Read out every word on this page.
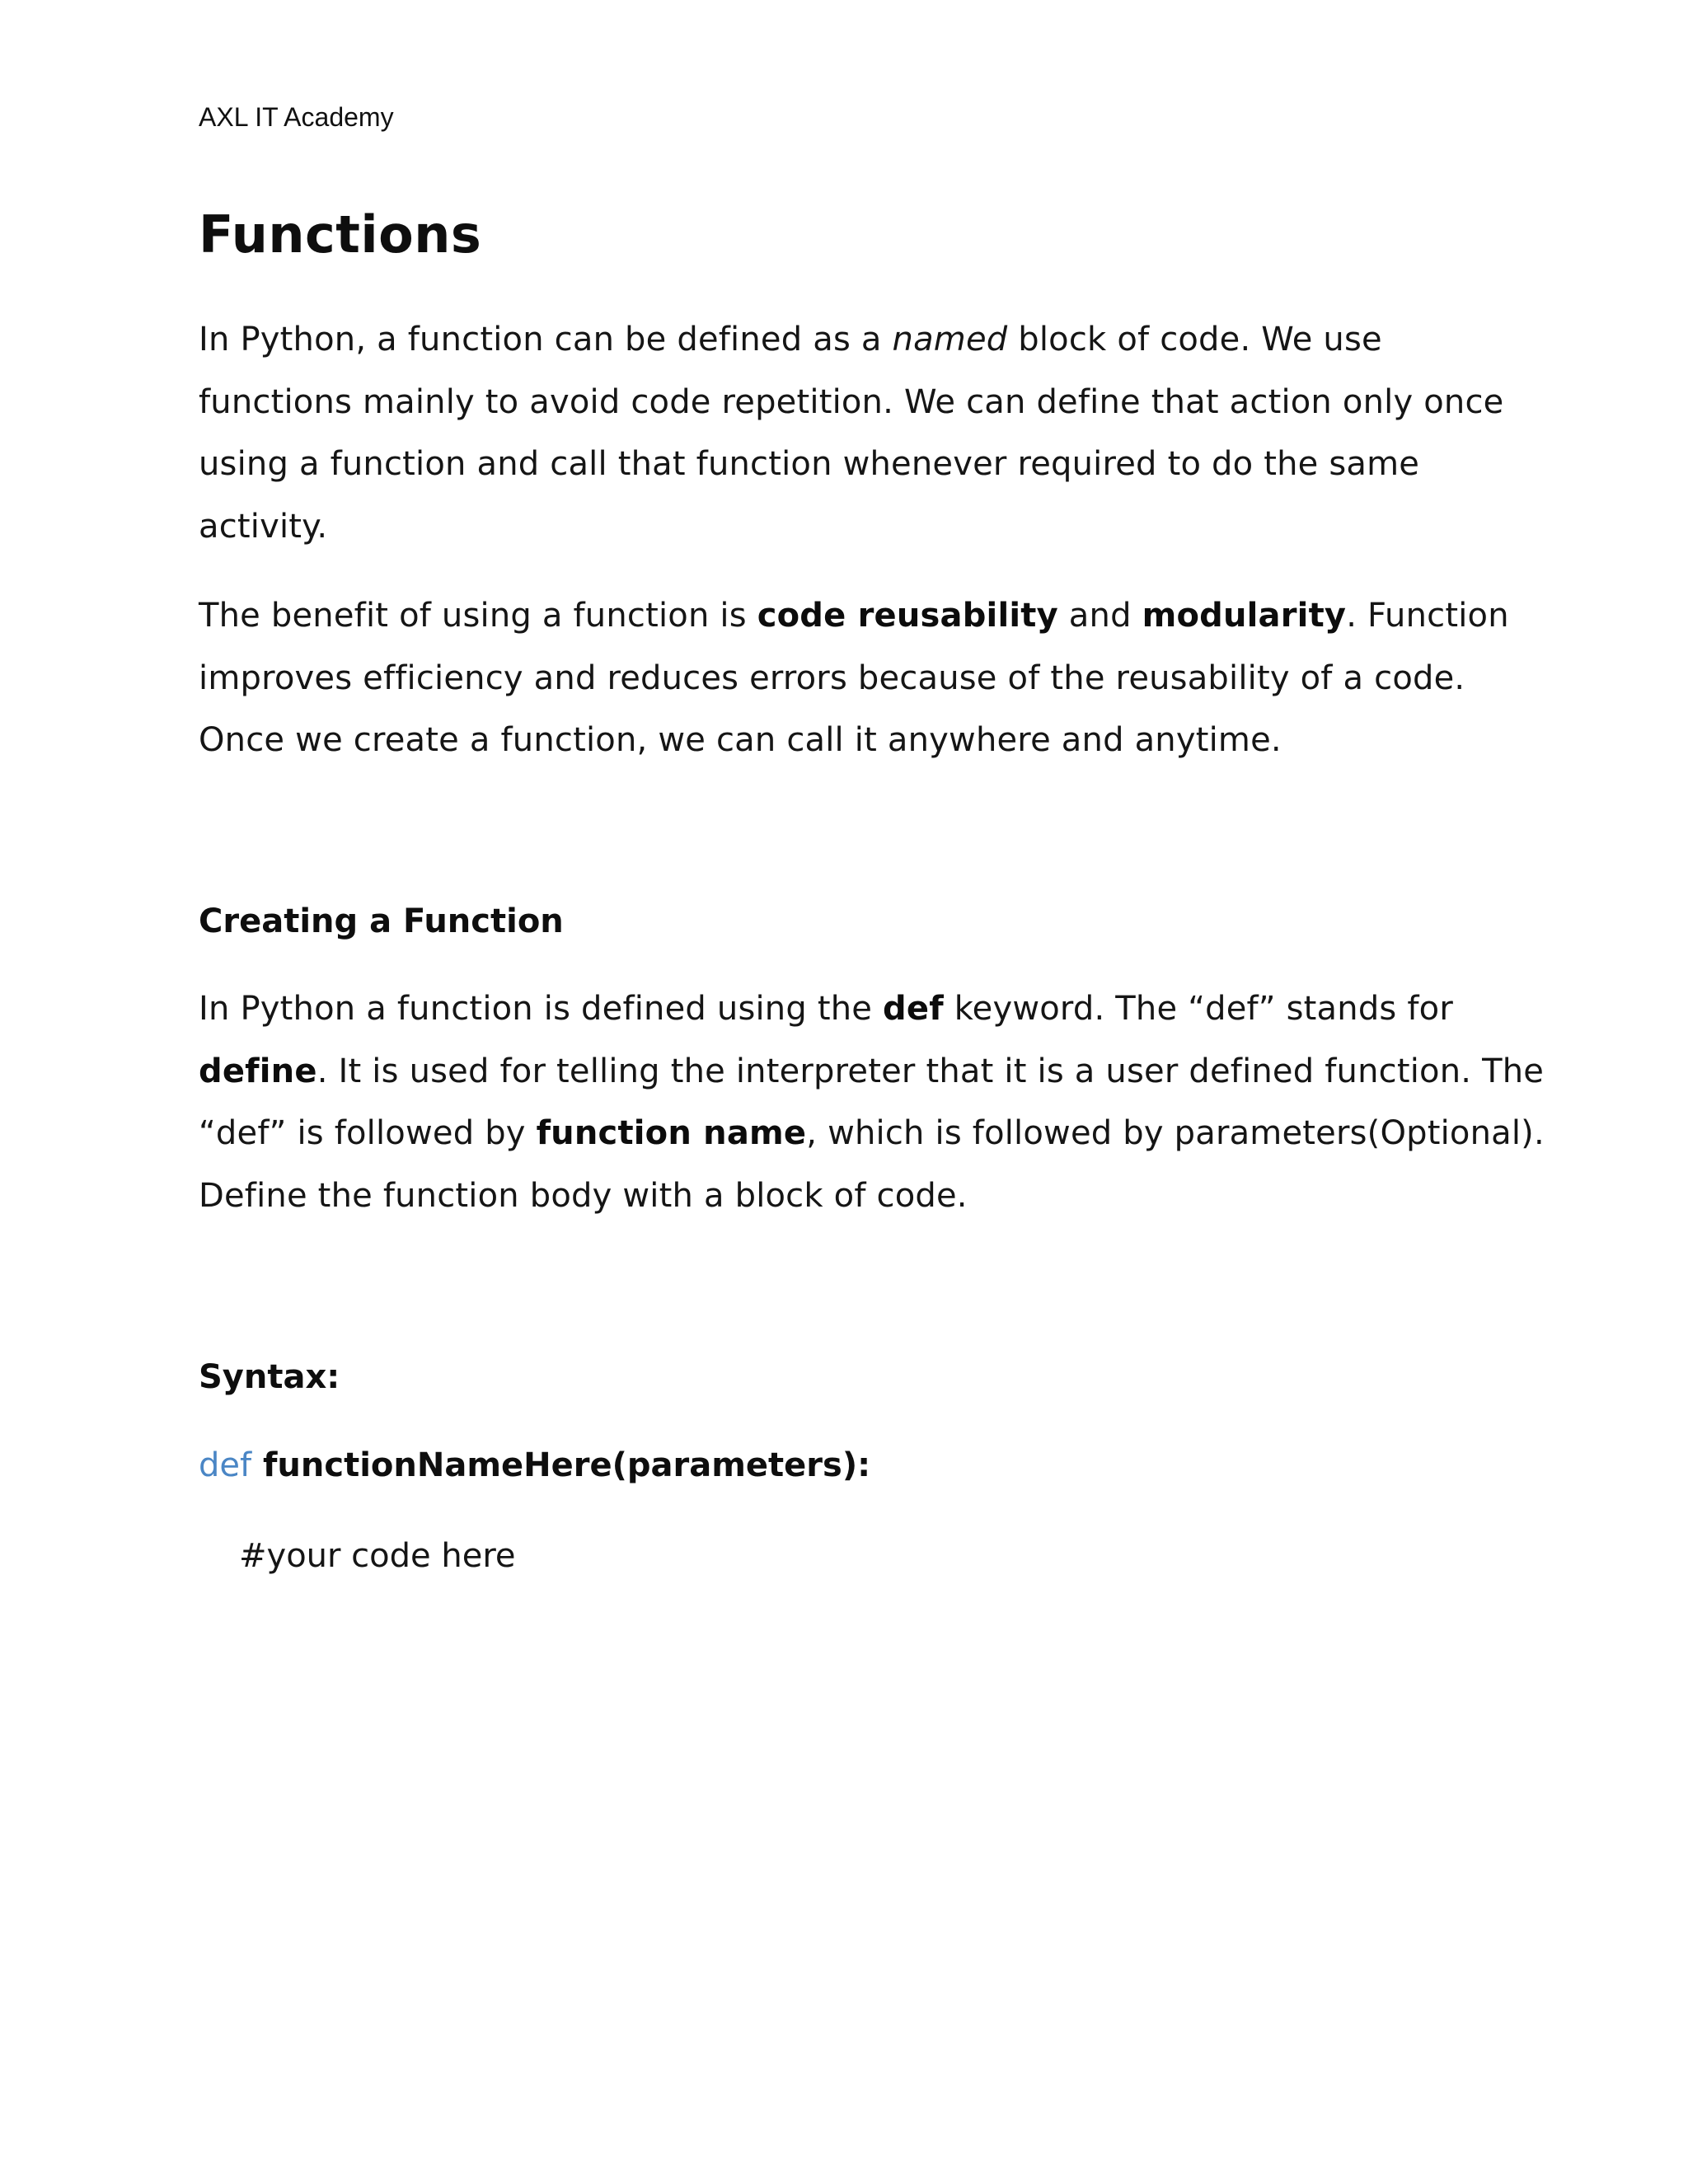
AXL IT Academy
Functions

In Python, a function can be defined as a named block of code. We use
functions mainly to avoid code repetition. We can define that action only once
using a function and call that function whenever required to do the same
activity.

The benefit of using a function is code reusability and modularity. Function
improves efficiency and reduces errors because of the reusability of a code.
Once we create a function, we can call it anywhere and anytime.

Creating a Function

In Python a function is defined using the def keyword. The “def” stands for
define. It is used for telling the interpreter that it is a user defined function. The
“def” is followed by function name, which is followed by parameters(Optional).
Define the function body with a block of code.

Syntax:
def functionNameHere(parameters):
#your code here
